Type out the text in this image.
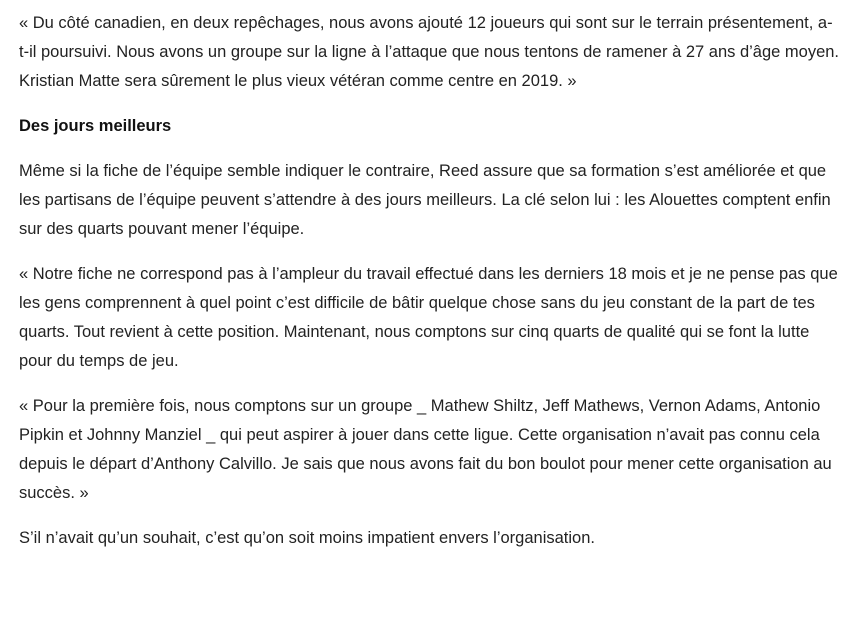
« Du côté canadien, en deux repêchages, nous avons ajouté 12 joueurs qui sont sur le terrain présentement, a-t-il poursuivi. Nous avons un groupe sur la ligne à l’attaque que nous tentons de ramener à 27 ans d’âge moyen. Kristian Matte sera sûrement le plus vieux vétéran comme centre en 2019. »

Des jours meilleurs

Même si la fiche de l’équipe semble indiquer le contraire, Reed assure que sa formation s’est améliorée et que les partisans de l’équipe peuvent s’attendre à des jours meilleurs. La clé selon lui : les Alouettes comptent enfin sur des quarts pouvant mener l’équipe.

« Notre fiche ne correspond pas à l’ampleur du travail effectué dans les derniers 18 mois et je ne pense pas que les gens comprennent à quel point c’est difficile de bâtir quelque chose sans du jeu constant de la part de tes quarts. Tout revient à cette position. Maintenant, nous comptons sur cinq quarts de qualité qui se font la lutte pour du temps de jeu.

« Pour la première fois, nous comptons sur un groupe _ Mathew Shiltz, Jeff Mathews, Vernon Adams, Antonio Pipkin et Johnny Manziel _ qui peut aspirer à jouer dans cette ligue. Cette organisation n’avait pas connu cela depuis le départ d’Anthony Calvillo. Je sais que nous avons fait du bon boulot pour mener cette organisation au succès. »

S’il n’avait qu’un souhait, c’est qu’on soit moins impatient envers l’organisation.
